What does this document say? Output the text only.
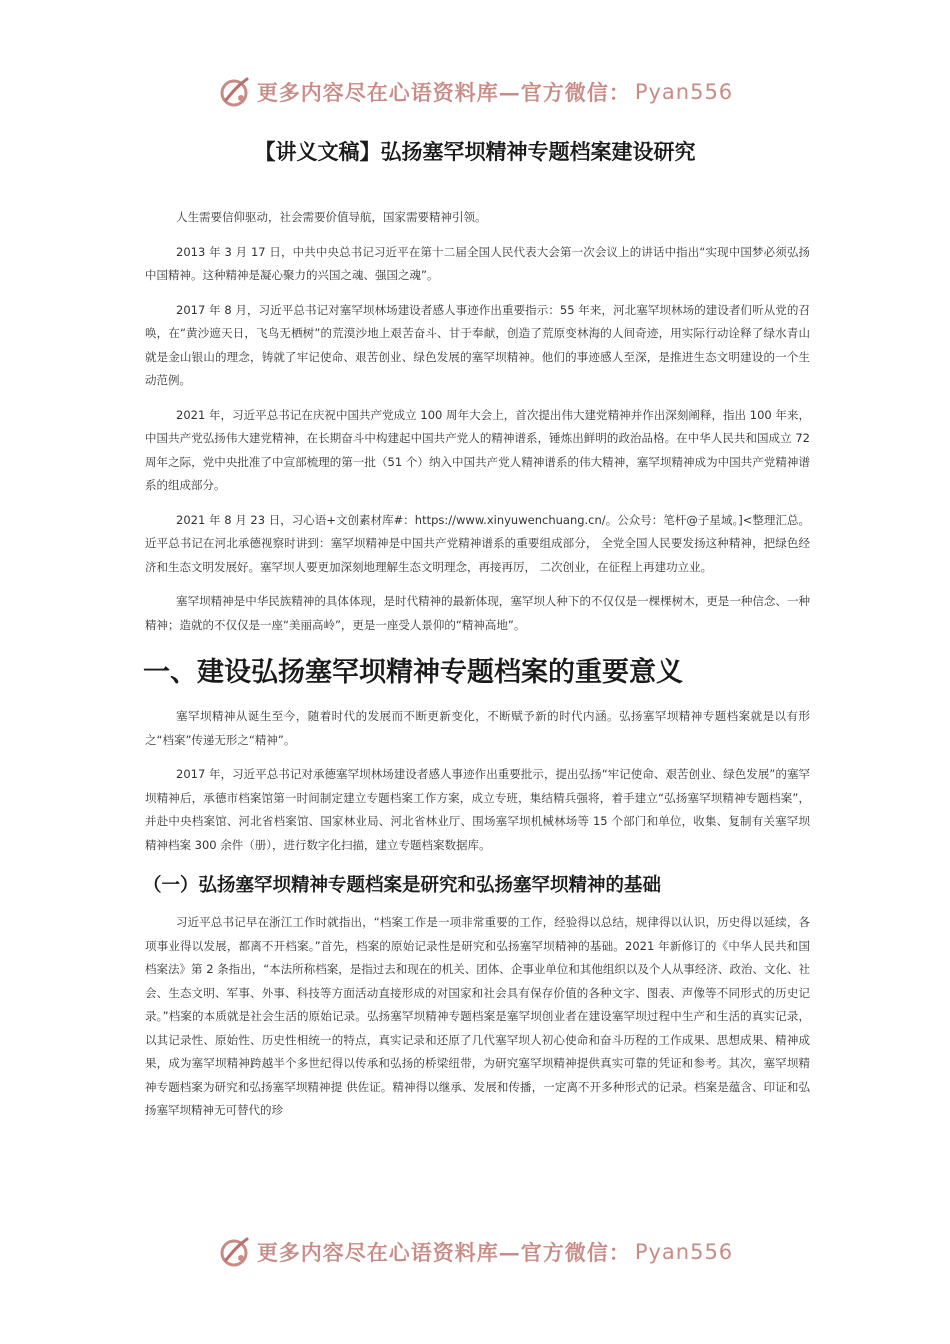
更多内容尽在心语资料库—官方微信： Pyan556
【讲义文稿】弘扬塞罕坝精神专题档案建设研究

人生需要信仰驱动，社会需要价值导航，国家需要精神引领。

2013 年 3 月 17 日，中共中央总书记习近平在第十二届全国人民代表大会第一次会议上的讲话中指出“实现中国梦必须弘扬中国精神。这种精神是凝心聚力的兴国之魂、强国之魂”。

2017 年 8 月，习近平总书记对塞罕坝林场建设者感人事迹作出重要指示：55 年来，河北塞罕坝林场的建设者们听从党的召唤，在“黄沙遮天日，飞鸟无栖树”的荒漠沙地上艰苦奋斗、甘于奉献，创造了荒原变林海的人间奇迹，用实际行动诠释了绿水青山就是金山银山的理念，铸就了牢记使命、艰苦创业、绿色发展的塞罕坝精神。他们的事迹感人至深，是推进生态文明建设的一个生动范例。

2021 年，习近平总书记在庆祝中国共产党成立 100 周年大会上，首次提出伟大建党精神并作出深刻阐释，指出 100 年来，中国共产党弘扬伟大建党精神，在长期奋斗中构建起中国共产党人的精神谱系，锤炼出鲜明的政治品格。在中华人民共和国成立 72 周年之际，党中央批准了中宣部梳理的第一批（51 个）纳入中国共产党人精神谱系的伟大精神，塞罕坝精神成为中国共产党精神谱系的组成部分。

2021 年 8 月 23 日，习心语+文创素材库#：https://www.xinyuwenchuang.cn/。公众号：笔杆@子星域。]<整理汇总。近平总书记在河北承德视察时讲到：塞罕坝精神是中国共产党精神谱系的重要组成部分， 全党全国人民要发扬这种精神，把绿色经济和生态文明发展好。塞罕坝人要更加深刻地理解生态文明理念，再接再厉， 二次创业，在征程上再建功立业。

塞罕坝精神是中华民族精神的具体体现，是时代精神的最新体现，塞罕坝人种下的不仅仅是一棵棵树木，更是一种信念、一种精神；造就的不仅仅是一座“美丽高岭”，更是一座受人景仰的“精神高地”。

一、建设弘扬塞罕坝精神专题档案的重要意义

塞罕坝精神从诞生至今，随着时代的发展而不断更新变化，不断赋予新的时代内涵。弘扬塞罕坝精神专题档案就是以有形之“档案”传递无形之“精神”。

2017 年，习近平总书记对承德塞罕坝林场建设者感人事迹作出重要批示，提出弘扬“牢记使命、艰苦创业、绿色发展”的塞罕坝精神后，承德市档案馆第一时间制定建立专题档案工作方案，成立专班，集结精兵强将，着手建立“弘扬塞罕坝精神专题档案”，并赴中央档案馆、河北省档案馆、国家林业局、河北省林业厅、围场塞罕坝机械林场等 15 个部门和单位，收集、复制有关塞罕坝精神档案 300 余件（册），进行数字化扫描，建立专题档案数据库。

（一）弘扬塞罕坝精神专题档案是研究和弘扬塞罕坝精神的基础

习近平总书记早在浙江工作时就指出，“档案工作是一项非常重要的工作，经验得以总结，规律得以认识，历史得以延续，各项事业得以发展，都离不开档案。”首先，档案的原始记录性是研究和弘扬塞罕坝精神的基础。2021 年新修订的《中华人民共和国档案法》第 2 条指出，“本法所称档案，是指过去和现在的机关、团体、企事业单位和其他组织以及个人从事经济、政治、文化、社会、生态文明、军事、外事、科技等方面活动直接形成的对国家和社会具有保存价值的各种文字、图表、声像等不同形式的历史记录。”档案的本质就是社会生活的原始记录。弘扬塞罕坝精神专题档案是塞罕坝创业者在建设塞罕坝过程中生产和生活的真实记录，以其记录性、原始性、历史性相统一的特点，真实记录和还原了几代塞罕坝人初心使命和奋斗历程的工作成果、思想成果、精神成果，成为塞罕坝精神跨越半个多世纪得以传承和弘扬的桥梁纽带，为研究塞罕坝精神提供真实可靠的凭证和参考。其次，塞罕坝精神专题档案为研究和弘扬塞罕坝精神提 供佐证。精神得以继承、发展和传播，一定离不开多种形式的记录。档案是蕴含、印证和弘扬塞罕坝精神无可替代的珍

更多内容尽在心语资料库—官方微信： Pyan556
